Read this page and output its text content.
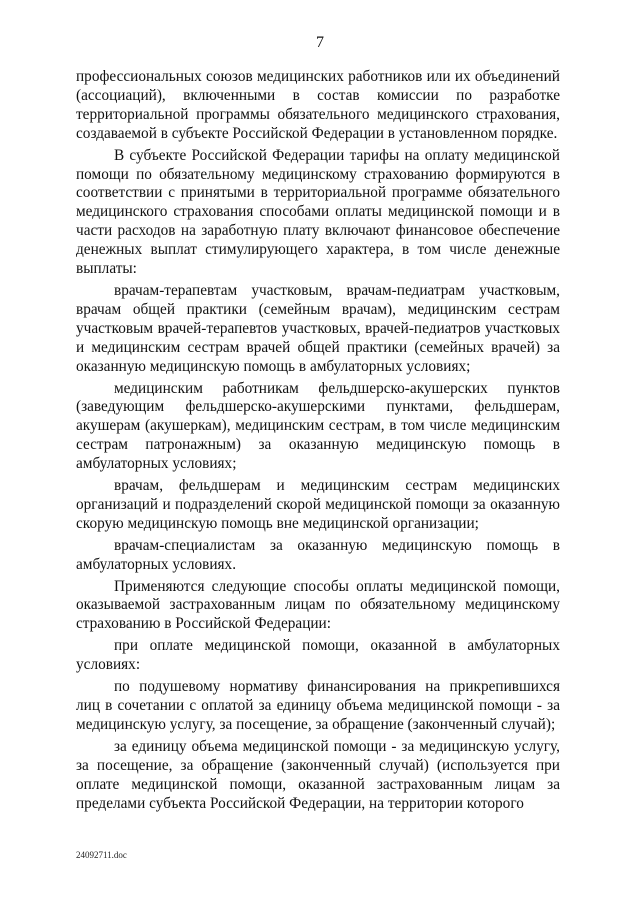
7

профессиональных союзов медицинских работников или их объединений (ассоциаций), включенными в состав комиссии по разработке территориальной программы обязательного медицинского страхования, создаваемой в субъекте Российской Федерации в установленном порядке.

В субъекте Российской Федерации тарифы на оплату медицинской помощи по обязательному медицинскому страхованию формируются в соответствии с принятыми в территориальной программе обязательного медицинского страхования способами оплаты медицинской помощи и в части расходов на заработную плату включают финансовое обеспечение денежных выплат стимулирующего характера, в том числе денежные выплаты:

врачам-терапевтам участковым, врачам-педиатрам участковым, врачам общей практики (семейным врачам), медицинским сестрам участковым врачей-терапевтов участковых, врачей-педиатров участковых и медицинским сестрам врачей общей практики (семейных врачей) за оказанную медицинскую помощь в амбулаторных условиях;

медицинским работникам фельдшерско-акушерских пунктов (заведующим фельдшерско-акушерскими пунктами, фельдшерам, акушерам (акушеркам), медицинским сестрам, в том числе медицинским сестрам патронажным) за оказанную медицинскую помощь в амбулаторных условиях;

врачам, фельдшерам и медицинским сестрам медицинских организаций и подразделений скорой медицинской помощи за оказанную скорую медицинскую помощь вне медицинской организации;

врачам-специалистам за оказанную медицинскую помощь в амбулаторных условиях.

Применяются следующие способы оплаты медицинской помощи, оказываемой застрахованным лицам по обязательному медицинскому страхованию в Российской Федерации:

при оплате медицинской помощи, оказанной в амбулаторных условиях:

по подушевому нормативу финансирования на прикрепившихся лиц в сочетании с оплатой за единицу объема медицинской помощи - за медицинскую услугу, за посещение, за обращение (законченный случай);

за единицу объема медицинской помощи - за медицинскую услугу, за посещение, за обращение (законченный случай) (используется при оплате медицинской помощи, оказанной застрахованным лицам за пределами субъекта Российской Федерации, на территории которого

24092711.doc
